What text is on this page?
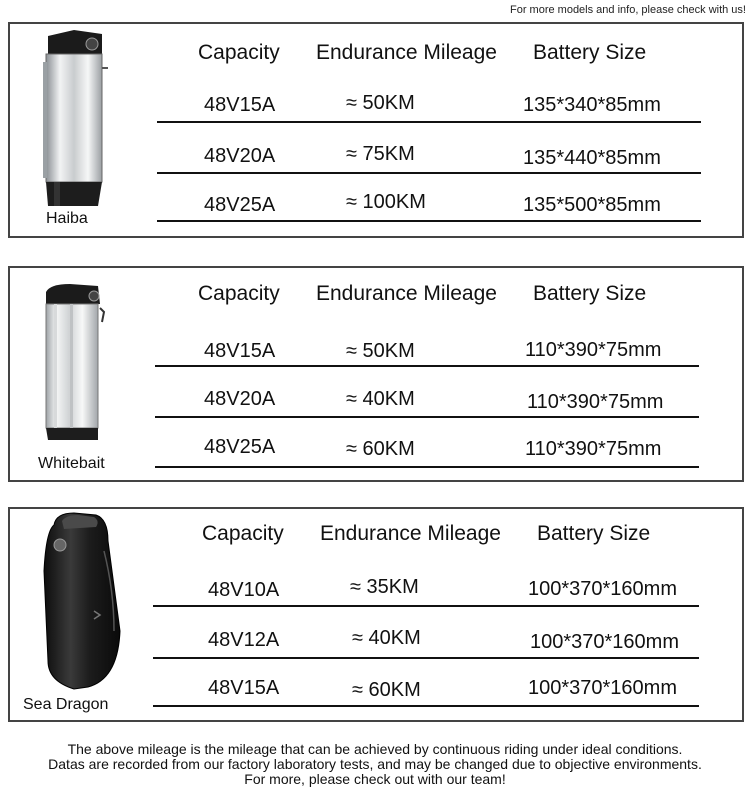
For more models and info, please check with us!
Haiba
Capacity Endurance Mileage Battery Size
48V15A	≈ 50KM	135*340*85mm
48V20A	≈ 75KM	135*440*85mm
48V25A	≈ 100KM	135*500*85mm
Whitebait
Capacity Endurance Mileage Battery Size
48V15A	≈ 50KM	110*390*75mm
48V20A	≈ 40KM	110*390*75mm
48V25A	≈ 60KM	110*390*75mm
Sea Dragon
Capacity Endurance Mileage Battery Size
48V10A	≈ 35KM	100*370*160mm
48V12A	≈ 40KM	100*370*160mm
48V15A	≈ 60KM	100*370*160mm
The above mileage is the mileage that can be achieved by continuous riding under ideal conditions.
Datas are recorded from our factory laboratory tests, and may be changed due to objective environments.
For more, please check out with our team!
